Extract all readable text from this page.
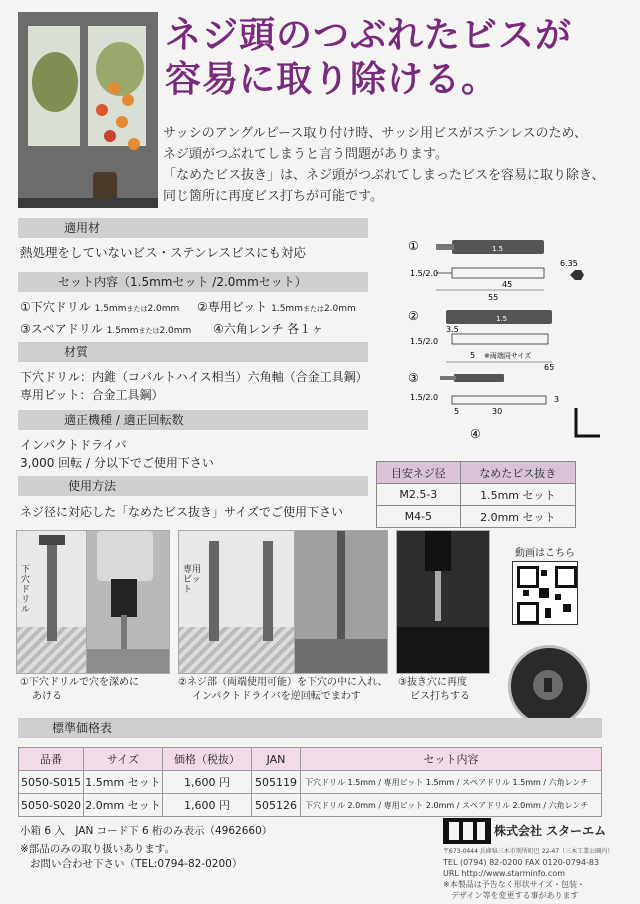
ネジ頭のつぶれたビスが
容易に取り除ける。
サッシのアングルピース取り付け時、サッシ用ビスがステンレスのため、
ネジ頭がつぶれてしまうと言う問題があります。
「なめたビス抜き」は、ネジ頭がつぶれてしまったビスを容易に取り除き、
同じ箇所に再度ビス打ちが可能です。
適用材
熱処理をしていないビス・ステンレスビスにも対応
セット内容（1.5mmセット /2.0mmセット）
①下穴ドリル 1.5mmまたは2.0mm ②専用ビット 1.5mmまたは2.0mm
③スペアドリル 1.5mmまたは2.0mm ④六角レンチ 各１ヶ
材質
下穴ドリル：内錐（コバルトハイス相当）六角軸（合金工具鋼）
専用ビット：合金工具鋼）
適正機種 / 適正回転数
インパクトドライバ
3,000 回転 / 分以下でご使用下さい
使用方法
ネジ径に対応した「なめたビス抜き」サイズでご使用下さい
①	1.5
1.5/2.0
6.35
45
55
②	1.5
3.5
1.5/2.0
5 ※両端同サイズ
65
③
1.5/2.0	3
5	30
④
目安ネジ径	なめたビス抜き
M2.5-3	1.5mm セット
M4-5	2.0mm セット
下穴ドリル
①下穴ドリルで穴を深めに
あける
専用ビット
②ネジ部（両端使用可能）を下穴の中に入れ、
インパクトドライバを逆回転でまわす
③抜き穴に再度
ビス打ちする
動画はこちら
標準価格表
品番	サイズ	価格（税抜）	JAN	セット内容
5050-S015	1.5mm セット	1,600 円	505119	下穴ドリル 1.5mm / 専用ビット 1.5mm / スペアドリル 1.5mm / 六角レンチ
5050-S020	2.0mm セット	1,600 円	505126	下穴ドリル 2.0mm / 専用ビット 2.0mm / スペアドリル 2.0mm / 六角レンチ
小箱 6 入　JAN コード下 6 桁のみ表示（4962660）
※部品のみの取り扱いあります。
お問い合わせ下さい（TEL:0794-82-0200）
株式会社 スターエム
〒673-0444 兵庫県三木市別所町巴 22-47（三木工業公園内）
TEL (0794) 82-0200 FAX 0120-0794-83
URL http://www.starminfo.com
※本製品は予告なく形状サイズ・包装・
デザイン等を変更する事があります
